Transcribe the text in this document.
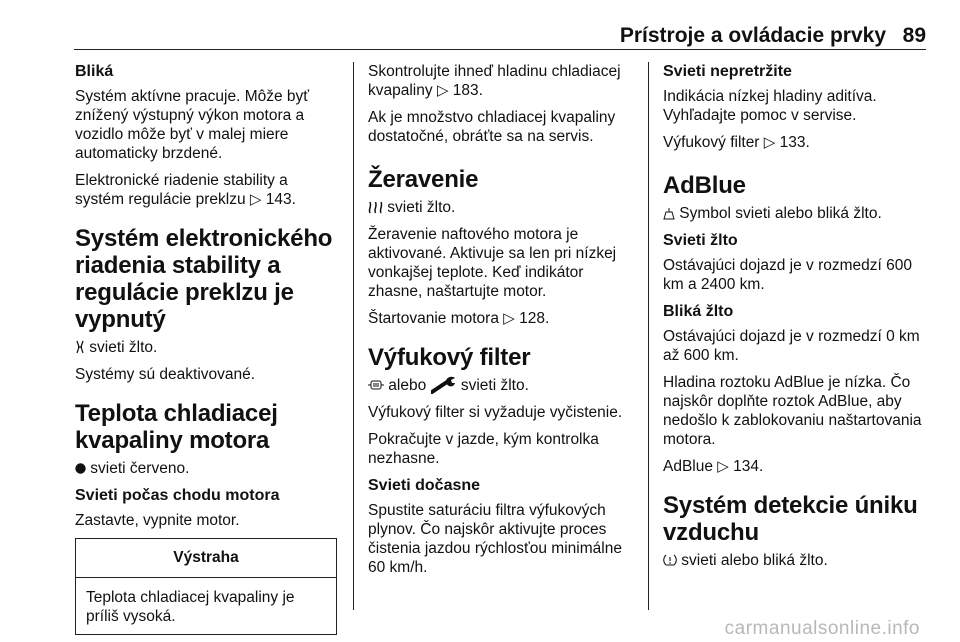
Prístroje a ovládacie prvky 89
Bliká

Systém aktívne pracuje. Môže byť znížený výstupný výkon motora a vozidlo môže byť v malej miere automaticky brzdené.

Elektronické riadenie stability a systém regulácie preklzu ▷ 143.

Systém elektronického riadenia stability a regulácie preklzu je vypnutý

svieti žlto.

Systémy sú deaktivované.

Teplota chladiacej kvapaliny motora

svieti červeno.

Svieti počas chodu motora

Zastavte, vypnite motor.

Výstraha
Teplota chladiacej kvapaliny je príliš vysoká.

Skontrolujte ihneď hladinu chladiacej kvapaliny ▷ 183.

Ak je množstvo chladiacej kvapaliny dostatočné, obráťte sa na servis.

Žeravenie

svieti žlto.

Žeravenie naftového motora je aktivované. Aktivuje sa len pri nízkej vonkajšej teplote. Keď indikátor zhasne, naštartujte motor.

Štartovanie motora ▷ 128.

Výfukový filter

alebo  svieti žlto.

Výfukový filter si vyžaduje vyčistenie.

Pokračujte v jazde, kým kontrolka nezhasne.

Svieti dočasne

Spustite saturáciu filtra výfukových plynov. Čo najskôr aktivujte proces čistenia jazdou rýchlosťou minimálne 60 km/h.

Svieti nepretržite

Indikácia nízkej hladiny aditíva. Vyhľadajte pomoc v servise.

Výfukový filter ▷ 133.

AdBlue

Symbol svieti alebo bliká žlto.

Svieti žlto

Ostávajúci dojazd je v rozmedzí 600 km a 2400 km.

Bliká žlto

Ostávajúci dojazd je v rozmedzí 0 km až 600 km.

Hladina roztoku AdBlue je nízka. Čo najskôr doplňte roztok AdBlue, aby nedošlo k zablokovaniu naštartovania motora.

AdBlue ▷ 134.

Systém detekcie úniku vzduchu

svieti alebo bliká žlto.

carmanualsonline.info
